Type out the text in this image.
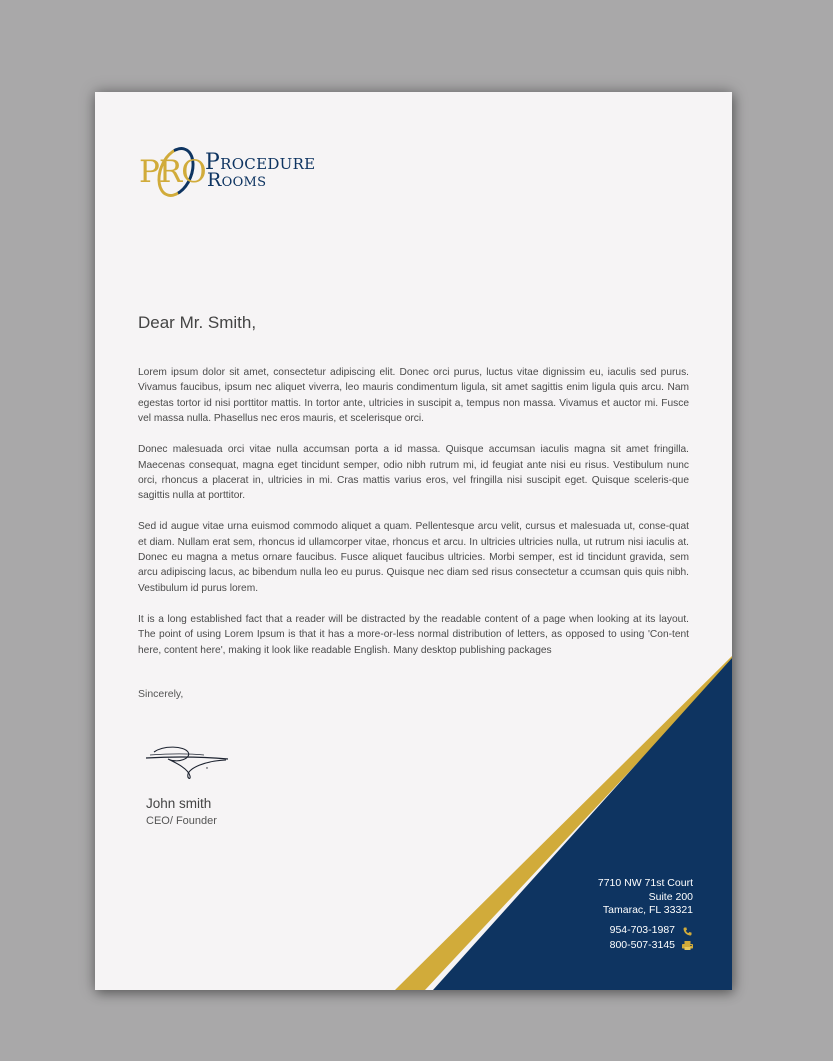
PRO Procedure
Rooms
Dear Mr. Smith,

Lorem ipsum dolor sit amet, consectetur adipiscing elit. Donec orci purus, luctus vitae dignissim eu, iaculis sed purus. Vivamus faucibus, ipsum nec aliquet viverra, leo mauris condimentum ligula, sit amet sagittis enim ligula quis arcu. Nam egestas tortor id nisi porttitor mattis. In tortor ante, ultricies in suscipit a, tempus non massa. Vivamus et auctor mi. Fusce vel massa nulla. Phasellus nec eros mauris, et scelerisque orci.

Donec malesuada orci vitae nulla accumsan porta a id massa. Quisque accumsan iaculis magna sit amet fringilla. Maecenas consequat, magna eget tincidunt semper, odio nibh rutrum mi, id feugiat ante nisi eu risus. Vestibulum nunc orci, rhoncus a placerat in, ultricies in mi. Cras mattis varius eros, vel fringilla nisi suscipit eget. Quisque sceleris-que sagittis nulla at porttitor.

Sed id augue vitae urna euismod commodo aliquet a quam. Pellentesque arcu velit, cursus et malesuada ut, conse-quat et diam. Nullam erat sem, rhoncus id ullamcorper vitae, rhoncus et arcu. In ultricies ultricies nulla, ut rutrum nisi iaculis at. Donec eu magna a metus ornare faucibus. Fusce aliquet faucibus ultricies. Morbi semper, est id tincidunt gravida, sem arcu adipiscing lacus, ac bibendum nulla leo eu purus. Quisque nec diam sed risus consectetur a ccumsan quis quis nibh. Vestibulum id purus lorem.

It is a long established fact that a reader will be distracted by the readable content of a page when looking at its layout. The point of using Lorem Ipsum is that it has a more-or-less normal distribution of letters, as opposed to using 'Con-tent here, content here', making it look like readable English. Many desktop publishing packages

Sincerely,
John smith
CEO/ Founder
7710 NW 71st Court
Suite 200
Tamarac, FL 33321
954-703-1987
800-507-3145
